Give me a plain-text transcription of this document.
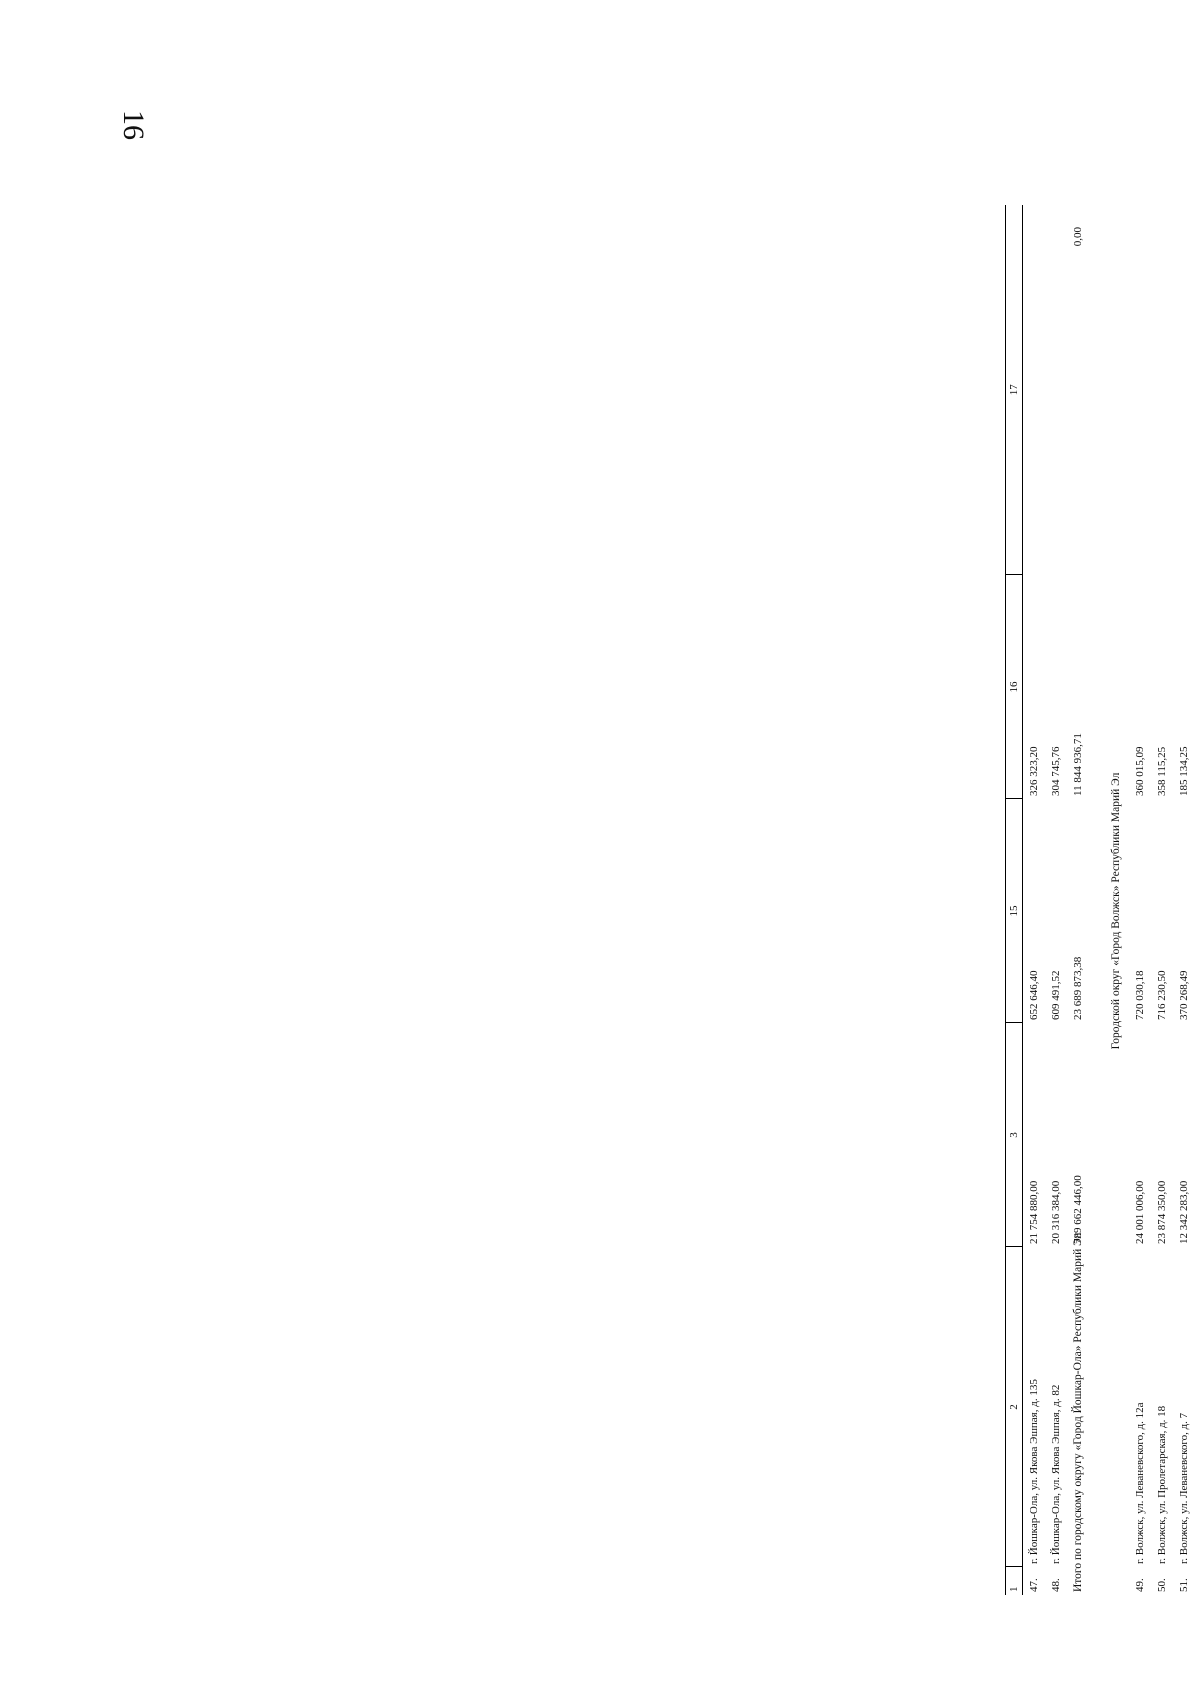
16
1	2	3	15	16	17
47.	г. Йошкар-Ола, ул. Яковa Эшпая, д. 135	21 754 880,00	652 646,40	326 323,20	
48.	г. Йошкар-Ола, ул. Яковa Эшпая, д. 82	20 316 384,00	609 491,52	304 745,76	
Итого по городскому округу «Город Йошкар-Ола» Республики Марий Эл		789 662 446,00	23 689 873,38	11 844 936,71	0,00

		Городской округ «Город Волжск» Республики Марий Эл			
49.	г. Волжск, ул. Леваневского, д. 12а	24 001 006,00	720 030,18	360 015,09	
50.	г. Волжск, ул. Пролетарская, д. 18	23 874 350,00	716 230,50	358 115,25	
51.	г. Волжск, ул. Леваневского, д. 7	12 342 283,00	370 268,49	185 134,25	
